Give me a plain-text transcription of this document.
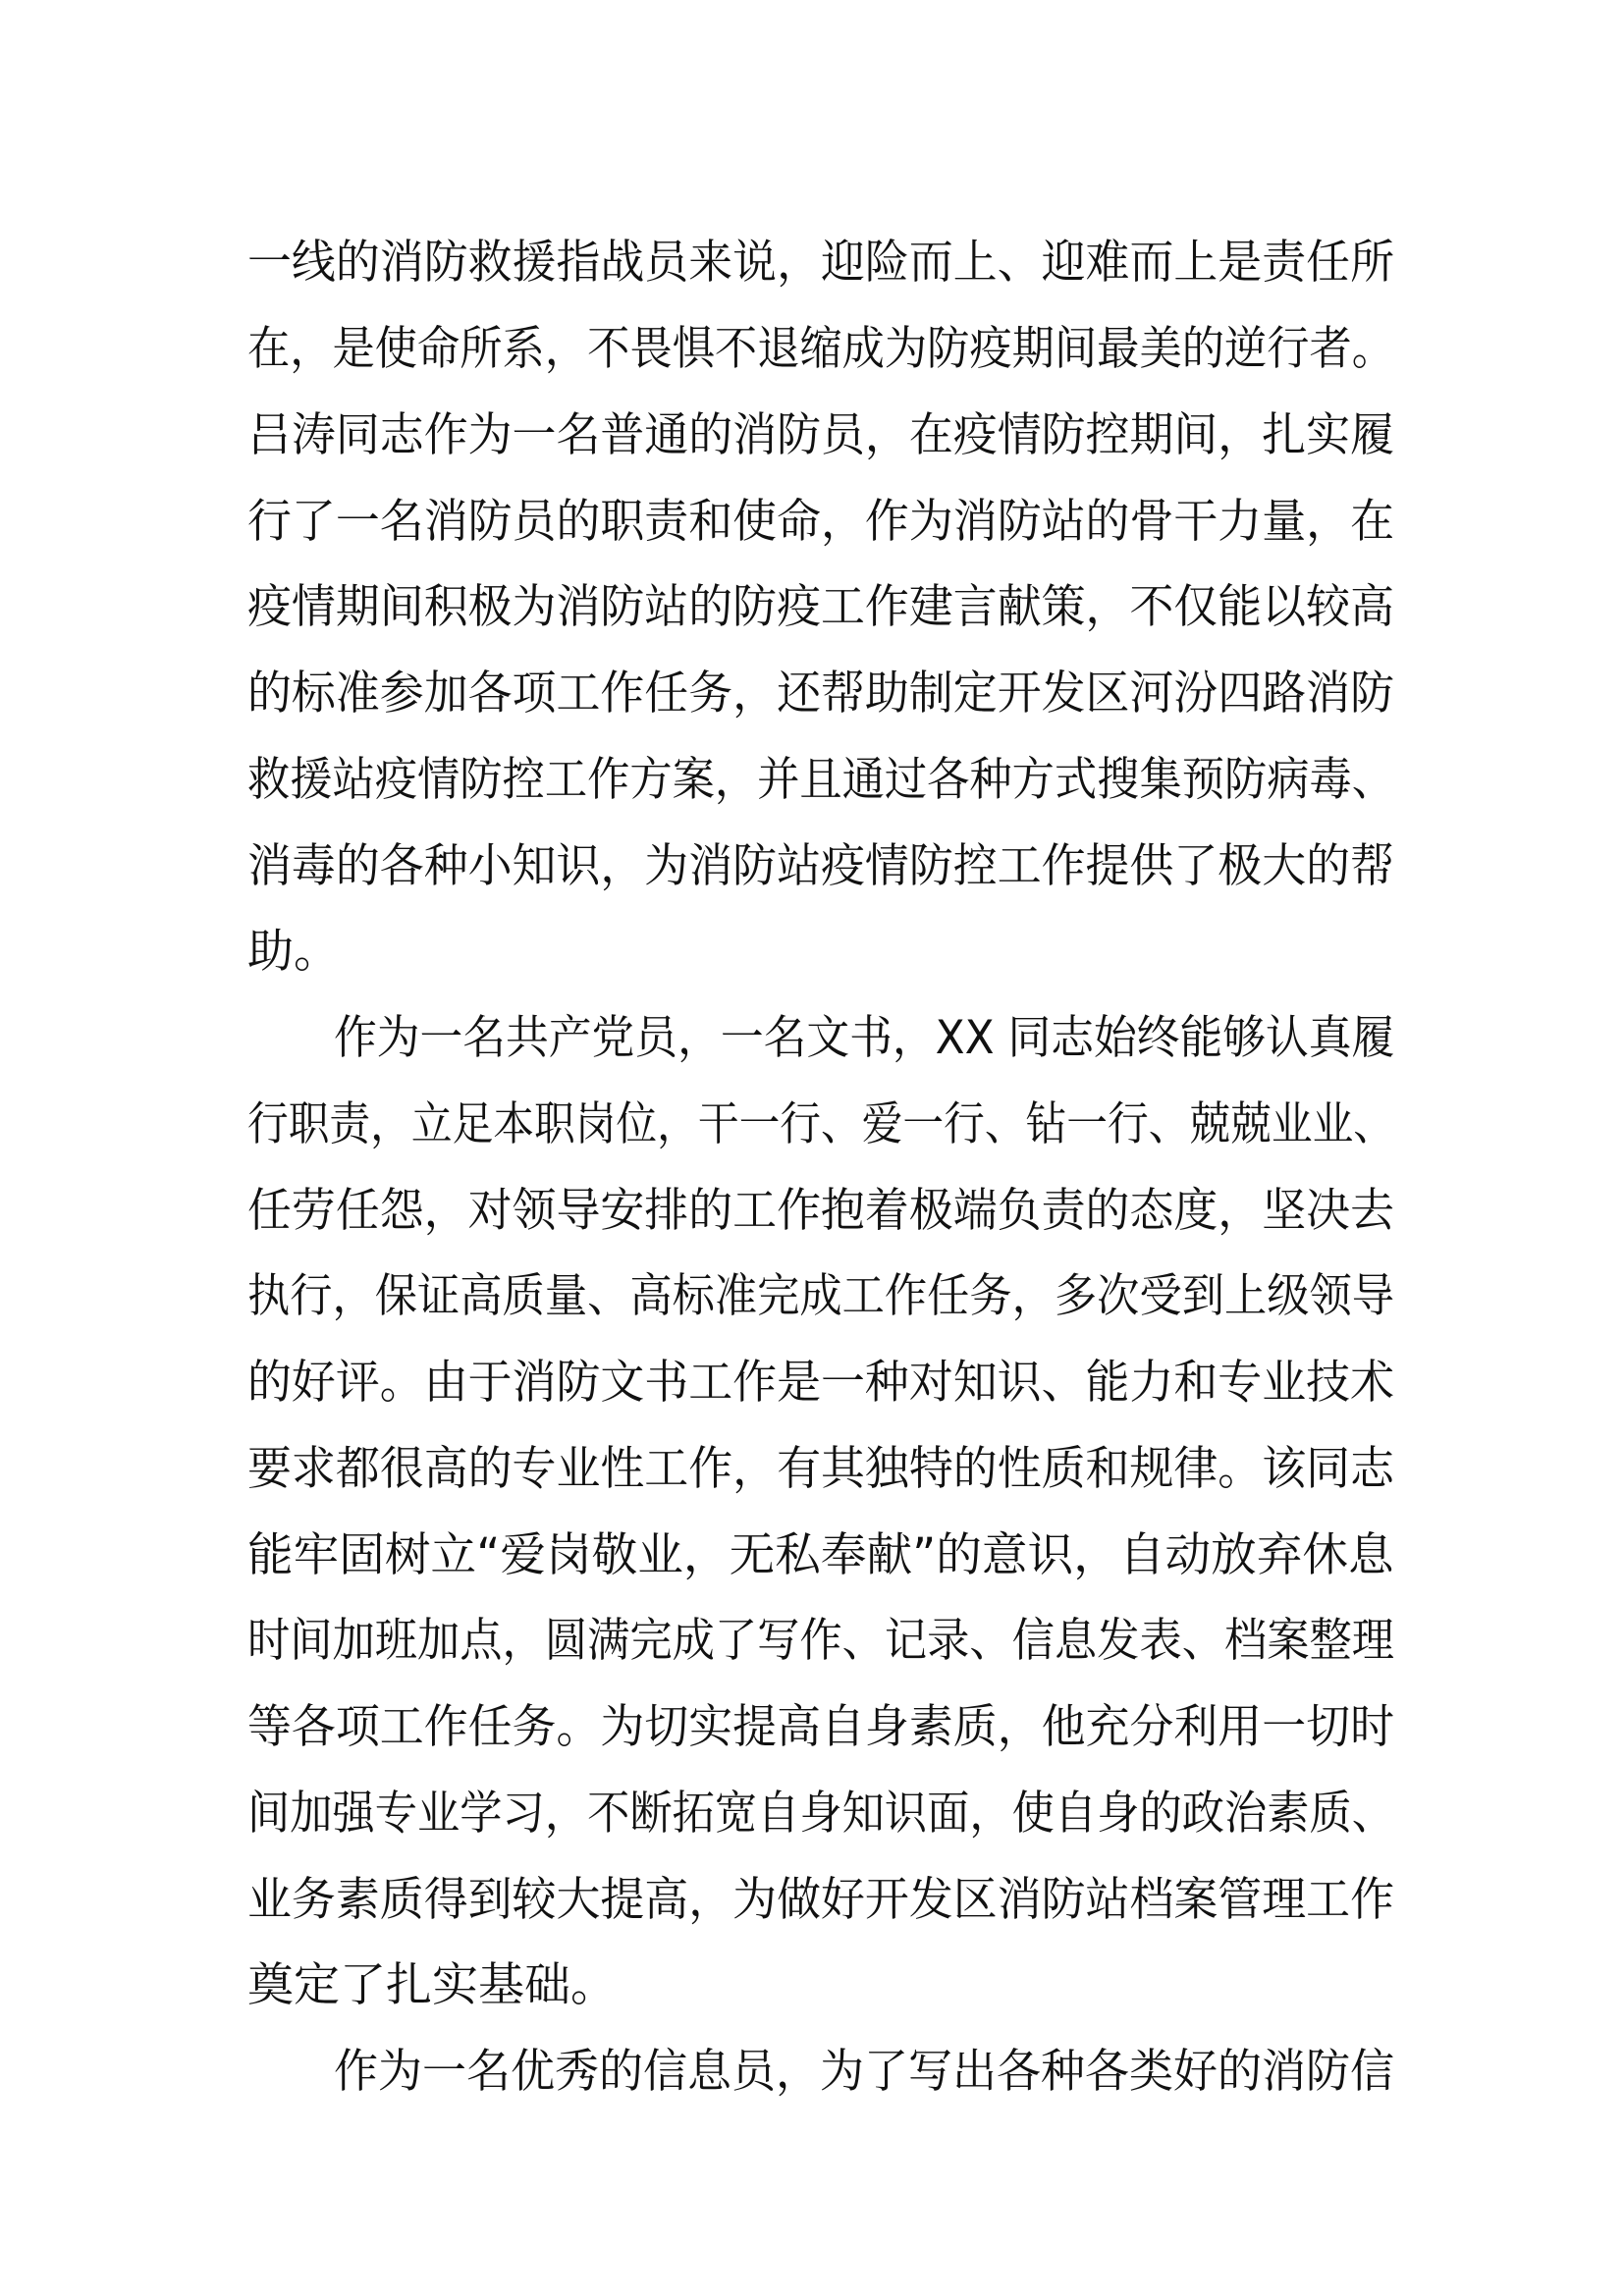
一线的消防救援指战员来说，迎险而上、迎难而上是责任所

在，是使命所系，不畏惧不退缩成为防疫期间最美的逆行者。

吕涛同志作为一名普通的消防员，在疫情防控期间，扎实履

行了一名消防员的职责和使命，作为消防站的骨干力量，在

疫情期间积极为消防站的防疫工作建言献策，不仅能以较高

的标准参加各项工作任务，还帮助制定开发区河汾四路消防

救援站疫情防控工作方案，并且通过各种方式搜集预防病毒、

消毒的各种小知识，为消防站疫情防控工作提供了极大的帮

助。

作为一名共产党员，一名文书，XX 同志始终能够认真履

行职责，立足本职岗位，干一行、爱一行、钻一行、兢兢业业、

任劳任怨，对领导安排的工作抱着极端负责的态度，坚决去

执行，保证高质量、高标准完成工作任务，多次受到上级领导

的好评。由于消防文书工作是一种对知识、能力和专业技术

要求都很高的专业性工作，有其独特的性质和规律。该同志

能牢固树立“爱岗敬业，无私奉献”的意识，自动放弃休息

时间加班加点，圆满完成了写作、记录、信息发表、档案整理

等各项工作任务。为切实提高自身素质，他充分利用一切时

间加强专业学习，不断拓宽自身知识面，使自身的政治素质、

业务素质得到较大提高，为做好开发区消防站档案管理工作

奠定了扎实基础。

作为一名优秀的信息员，为了写出各种各类好的消防信
